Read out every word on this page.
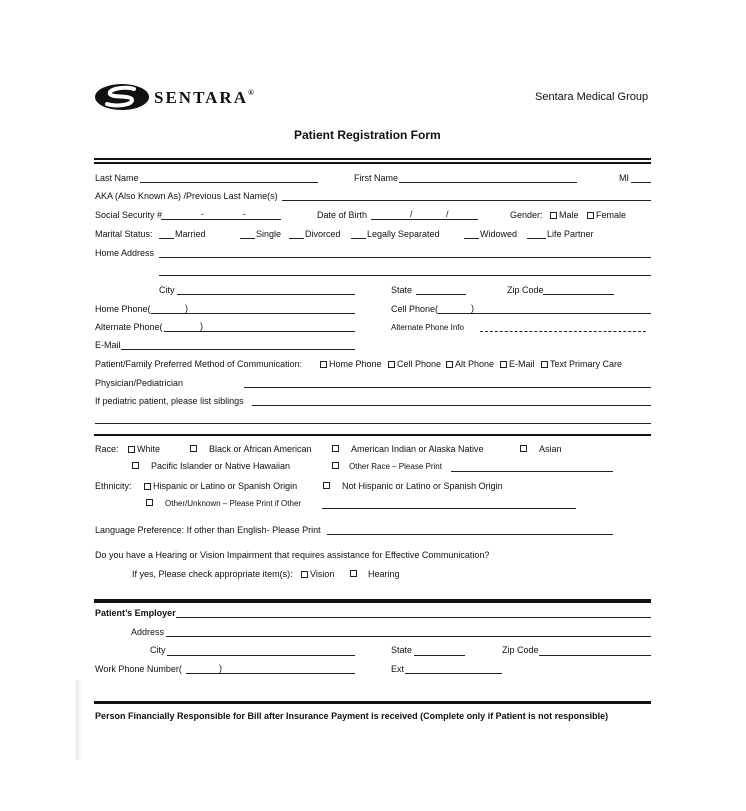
SENTARA®	Sentara Medical Group
Patient Registration Form
Last Name	First Name	MI
AKA (Also Known As) /Previous Last Name(s)
Social Security #	-	-	Date of Birth	/	/	Gender:	Male	Female
Marital Status: Married	Single	Divorced	Legally Separated	Widowed	Life Partner
Home Address
City	State	Zip Code
Home Phone(	)	Cell Phone(	)
Alternate Phone(	)	Alternate Phone Info
E-Mail
Patient/Family Preferred Method of Communication:	Home Phone	Cell Phone	Alt Phone	E-Mail	Text Primary Care
Physician/Pediatrician
If pediatric patient, please list siblings
Race:	White	Black or African American	American Indian or Alaska Native	Asian
Pacific Islander or Native Hawaiian	Other Race – Please Print
Ethnicity:	Hispanic or Latino or Spanish Origin	Not Hispanic or Latino or Spanish Origin
Other/Unknown – Please Print if Other
Language Preference: If other than English- Please Print
Do you have a Hearing or Vision Impairment that requires assistance for Effective Communication?
If yes, Please check appropriate item(s):	Vision	Hearing
Patient’s Employer
Address
City	State	Zip Code
Work Phone Number(	)	Ext
Person Financially Responsible for Bill after Insurance Payment is received (Complete only if Patient is not responsible)
